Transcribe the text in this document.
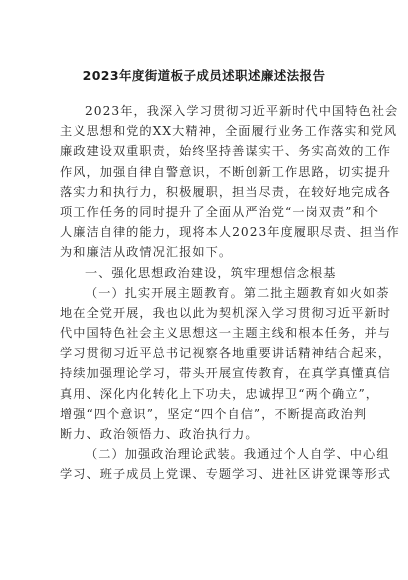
2023年度街道板子成员述职述廉述法报告
2023年，我深入学习贯彻习近平新时代中国特色社会
主义思想和党的XX大精神，全面履行业务工作落实和党风
廉政建设双重职责，始终坚持善谋实干、务实高效的工作
作风，加强自律自警意识，不断创新工作思路，切实提升
落实力和执行力，积极履职，担当尽责，在较好地完成各
项工作任务的同时提升了全面从严治党“一岗双责”和个
人廉洁自律的能力，现将本人2023年度履职尽责、担当作
为和廉洁从政情况汇报如下。
一、强化思想政治建设，筑牢理想信念根基
（一）扎实开展主题教育。第二批主题教育如火如荼
地在全党开展，我也以此为契机深入学习贯彻习近平新时
代中国特色社会主义思想这一主题主线和根本任务，并与
学习贯彻习近平总书记视察各地重要讲话精神结合起来，
持续加强理论学习，带头开展宣传教育，在真学真懂真信
真用、深化内化转化上下功夫，忠诚捍卫“两个确立”，
增强“四个意识”，坚定“四个自信”，不断提高政治判
断力、政治领悟力、政治执行力。
（二）加强政治理论武装。我通过个人自学、中心组
学习、班子成员上党课、专题学习、进社区讲党课等形式
